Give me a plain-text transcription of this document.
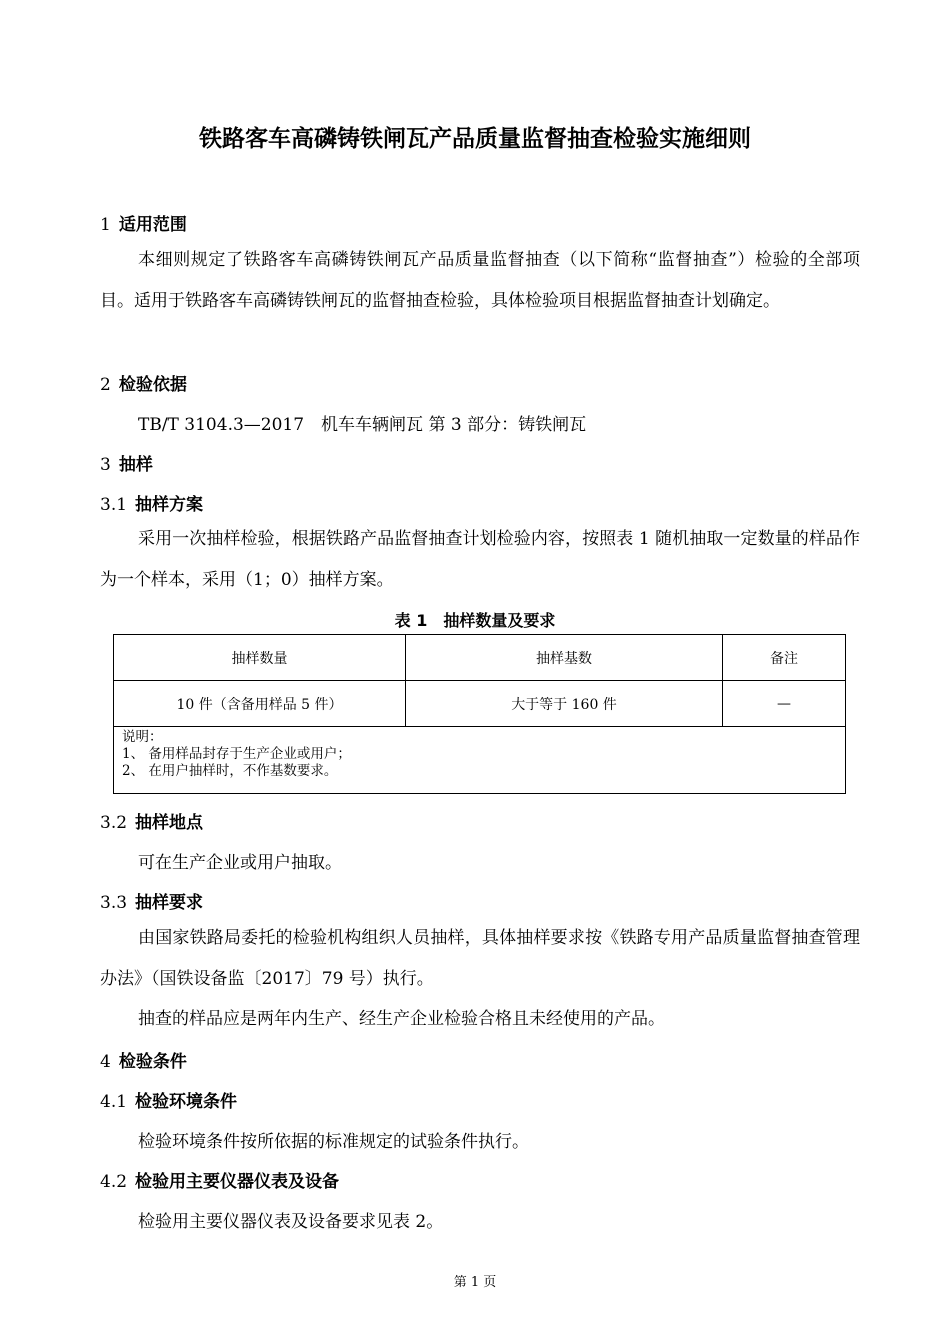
铁路客车高磷铸铁闸瓦产品质量监督抽查检验实施细则
1 适用范围
本细则规定了铁路客车高磷铸铁闸瓦产品质量监督抽查（以下简称“监督抽查”）检验的全部项目。适用于铁路客车高磷铸铁闸瓦的监督抽查检验，具体检验项目根据监督抽查计划确定。
2 检验依据
TB/T 3104.3—2017　机车车辆闸瓦 第 3 部分：铸铁闸瓦
3 抽样
3.1 抽样方案
采用一次抽样检验，根据铁路产品监督抽查计划检验内容，按照表 1 随机抽取一定数量的样品作为一个样本，采用（1；0）抽样方案。
表 1　抽样数量及要求
抽样数量	抽样基数	备注
10 件（含备用样品 5 件）	大于等于 160 件	—

说明：
1、 备用样品封存于生产企业或用户；
2、 在用户抽样时，不作基数要求。		
3.2 抽样地点
可在生产企业或用户抽取。
3.3 抽样要求
由国家铁路局委托的检验机构组织人员抽样，具体抽样要求按《铁路专用产品质量监督抽查管理办法》（国铁设备监〔2017〕79 号）执行。
抽查的样品应是两年内生产、经生产企业检验合格且未经使用的产品。
4 检验条件
4.1 检验环境条件
检验环境条件按所依据的标准规定的试验条件执行。
4.2 检验用主要仪器仪表及设备
检验用主要仪器仪表及设备要求见表 2。
第 1 页
